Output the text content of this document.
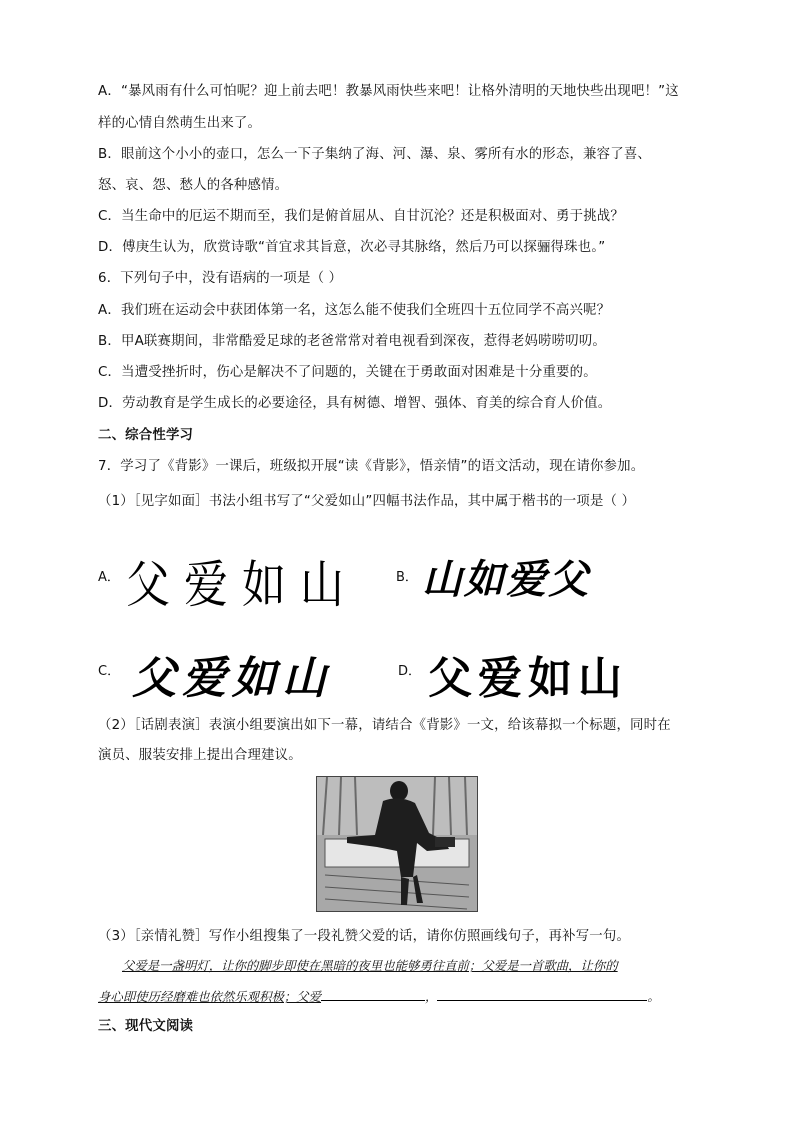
A．“暴风雨有什么可怕呢？迎上前去吧！教暴风雨快些来吧！让格外清明的天地快些出现吧！”这
样的心情自然萌生出来了。
B．眼前这个小小的壶口，怎么一下子集纳了海、河、瀑、泉、雾所有水的形态，兼容了喜、
怒、哀、怨、愁人的各种感情。
C．当生命中的厄运不期而至，我们是俯首屈从、自甘沉沦？还是积极面对、勇于挑战？
D．傅庚生认为，欣赏诗歌“首宜求其旨意，次必寻其脉络，然后乃可以探骊得珠也。”
6．下列句子中，没有语病的一项是（ ）
A．我们班在运动会中获团体第一名，这怎么能不使我们全班四十五位同学不高兴呢？
B．甲A联赛期间，非常酷爱足球的老爸常常对着电视看到深夜，惹得老妈唠唠叨叨。
C．当遭受挫折时，伤心是解决不了问题的，关键在于勇敢面对困难是十分重要的。
D．劳动教育是学生成长的必要途径，具有树德、增智、强体、育美的综合育人价值。
二、综合性学习
7．学习了《背影》一课后，班级拟开展“读《背影》，悟亲情”的语文活动，现在请你参加。
（1）［见字如面］书法小组书写了“父爱如山”四幅书法作品，其中属于楷书的一项是（ ）
A． 父爱如山	B． 山如爱父
C． 父爱如山	D． 父爱如山
（2）［话剧表演］表演小组要演出如下一幕，请结合《背影》一文，给该幕拟一个标题，同时在
演员、服装安排上提出合理建议。
（3）［亲情礼赞］写作小组搜集了一段礼赞父爱的话，请你仿照画线句子，再补写一句。
父爱是一盏明灯，让你的脚步即使在黑暗的夜里也能够勇往直前；父爱是一首歌曲，让你的
身心即使历经磨难也依然乐观积极；父爱	，	。
三、现代文阅读
